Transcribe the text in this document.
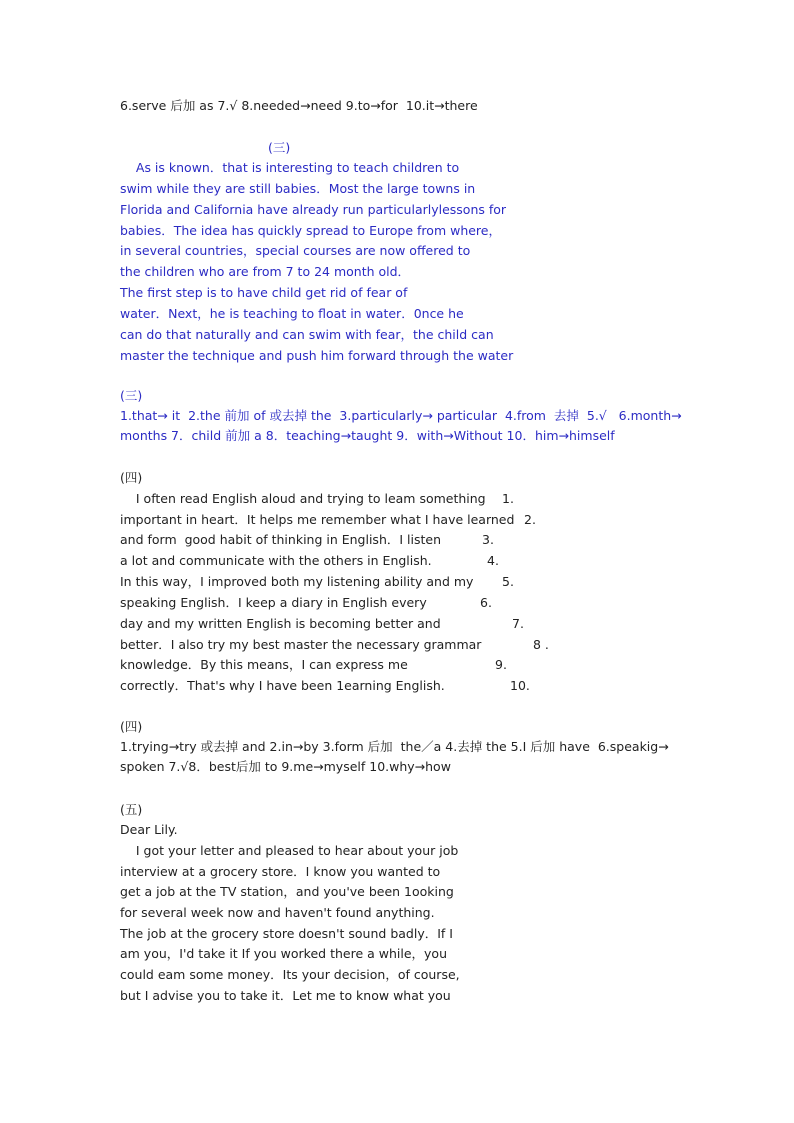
6.serve 后加 as 7.√ 8.needed→need 9.to→for  10.it→there
(三)
As is known．that is interesting to teach children to
swim while they are still babies．Most the large towns in
Florida and California have already run particularlylessons for
babies．The idea has quickly spread to Europe from where，
in several countries，special courses are now offered to
the children who are from 7 to 24 month old．
The first step is to have child get rid of fear of
water．Next，he is teaching to float in water．0nce he
can do that naturally and can swim with fear，the child can
master the technique and push him forward through the water
(三)
1.that→ it  2.the 前加 of 或去掉 the  3.particularly→ particular  4.from  去掉  5.√   6.month→
months 7．child 前加 a 8．teaching→taught 9．with→Without 10．him→himself
(四)
I often read English aloud and trying to leam something 1.
important in heart．It helps me remember what I have learned 2.
and form  good habit of thinking in English．I listen	3.
a lot and communicate with the others in English.	4.
In this way，I improved both my listening ability and my 5.
speaking English．I keep a diary in English every	6.
day and my written English is becoming better and	7.
better．I also try my best master the necessary grammar	8 .
knowledge．By this means，I can express me	9.
correctly．That's why I have been 1earning English.	10.
(四)
1.trying→try 或去掉 and 2.in→by 3.form 后加  the／a 4.去掉 the 5.I 后加 have  6.speakig→
spoken 7.√8．best后加 to 9.me→myself 10.why→how
(五)
Dear Lily.
I got your letter and pleased to hear about your job
interview at a grocery store．I know you wanted to
get a job at the TV station，and you've been 1ooking
for several week now and haven't found anything.
The job at the grocery store doesn't sound badly．If I
am you，I'd take it If you worked there a while，you
could eam some money．Its your decision，of course,
but I advise you to take it．Let me to know what you
